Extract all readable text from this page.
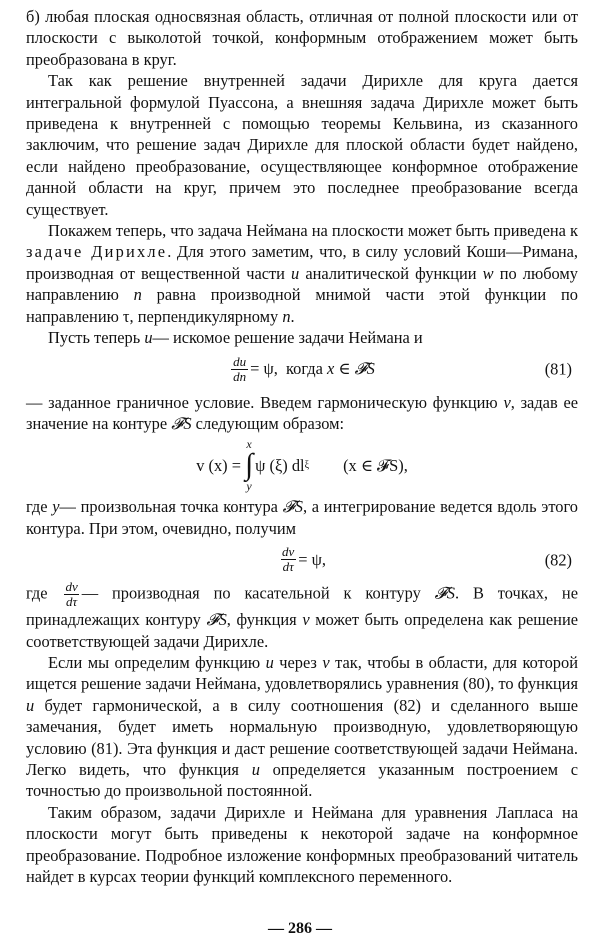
б) любая плоская односвязная область, отличная от полной плоскости или от плоскости с выколотой точкой, конформным отображением может быть преобразована в круг.

Так как решение внутренней задачи Дирихле для круга дается интегральной формулой Пуассона, а внешняя задача Дирихле может быть приведена к внутренней с помощью теоремы Кельвина, из сказанного заключим, что решение задач Дирихле для плоской области будет найдено, если найдено преобразование, осуществляющее конформное отображение данной области на круг, причем это последнее преобразование всегда существует.

Покажем теперь, что задача Неймана на плоскости может быть приведена к задаче Дирихле. Для этого заметим, что, в силу условий Коши—Римана, производная от вещественной части u аналитической функции w по любому направлению n равна производной мнимой части этой функции по направлению τ, перпендикулярному n.

Пусть теперь u— искомое решение задачи Неймана и

$\frac{du}{dn} = \psi$,
когда
x ∈ 𝓕S	(81)

— заданное граничное условие. Введем гармоническую функцию v, задав ее значение на контуре 𝓕S следующим образом:

v (x) =
x
∫
y
ψ (ξ) dl ξ (x ∈ 𝓕S),

где y— произвольная точка контура 𝓕S, а интегрирование ведется вдоль этого контура. При этом, очевидно, получим

$\frac{dv}{d\tau} = \psi$,	(82)

где $\frac{dv}{d\tau}$ — производная по касательной к контуру 𝓕S. В точках, не принадлежащих контуру 𝓕S, функция v может быть определена как решение соответствующей задачи Дирихле.

Если мы определим функцию u через v так, чтобы в области, для которой ищется решение задачи Неймана, удовлетворялись уравнения (80), то функция u будет гармонической, а в силу соотношения (82) и сделанного выше замечания, будет иметь нормальную производную, удовлетворяющую условию (81). Эта функция и даст решение соответствующей задачи Неймана. Легко видеть, что функция u определяется указанным построением с точностью до произвольной постоянной.

Таким образом, задачи Дирихле и Неймана для уравнения Лапласа на плоскости могут быть приведены к некоторой задаче на конформное преобразование. Подробное изложение конформных преобразований читатель найдет в курсах теории функций комплексного переменного.

— 286 —
